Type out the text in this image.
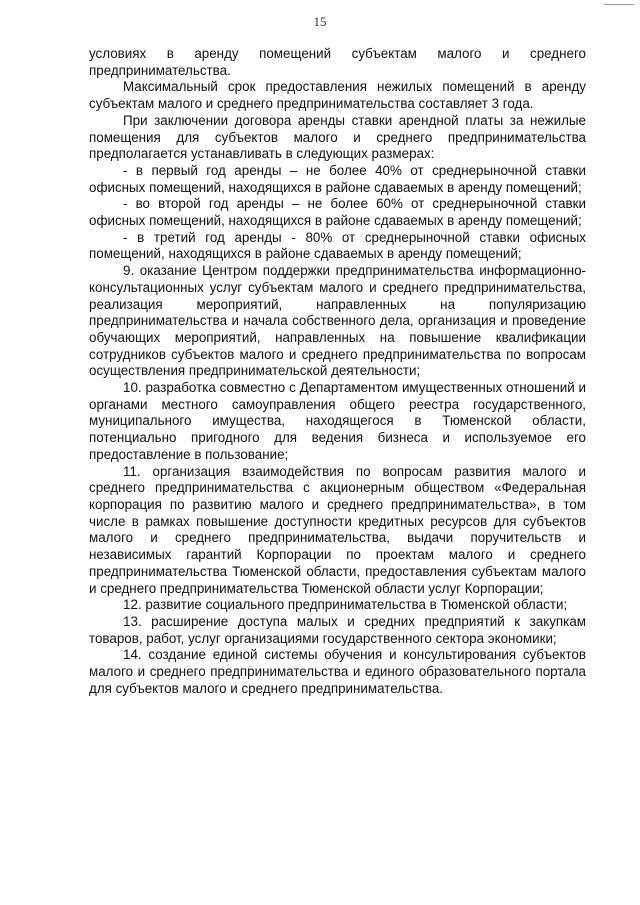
15

условиях в аренду помещений субъектам малого и среднего предпринимательства.

Максимальный срок предоставления нежилых помещений в аренду субъектам малого и среднего предпринимательства составляет 3 года.

При заключении договора аренды ставки арендной платы за нежилые помещения для субъектов малого и среднего предпринимательства предполагается устанавливать в следующих размерах:

- в первый год аренды – не более 40% от среднерыночной ставки офисных помещений, находящихся в районе сдаваемых в аренду помещений;

- во второй год аренды – не более 60% от среднерыночной ставки офисных помещений, находящихся в районе сдаваемых в аренду помещений;

- в третий год аренды - 80% от среднерыночной ставки офисных помещений, находящихся в районе сдаваемых в аренду помещений;

9. оказание Центром поддержки предпринимательства информационно-консультационных услуг субъектам малого и среднего предпринимательства, реализация мероприятий, направленных на популяризацию предпринимательства и начала собственного дела, организация и проведение обучающих мероприятий, направленных на повышение квалификации сотрудников субъектов малого и среднего предпринимательства по вопросам осуществления предпринимательской деятельности;

10. разработка совместно с Департаментом имущественных отношений и органами местного самоуправления общего реестра государственного, муниципального имущества, находящегося в Тюменской области, потенциально пригодного для ведения бизнеса и используемое его предоставление в пользование;

11. организация взаимодействия по вопросам развития малого и среднего предпринимательства с акционерным обществом «Федеральная корпорация по развитию малого и среднего предпринимательства», в том числе в рамках повышение доступности кредитных ресурсов для субъектов малого и среднего предпринимательства, выдачи поручительств и независимых гарантий Корпорации по проектам малого и среднего предпринимательства Тюменской области, предоставления субъектам малого и среднего предпринимательства Тюменской области услуг Корпорации;

12. развитие социального предпринимательства в Тюменской области;

13. расширение доступа малых и средних предприятий к закупкам товаров, работ, услуг организациями государственного сектора экономики;

14. создание единой системы обучения и консультирования субъектов малого и среднего предпринимательства и единого образовательного портала для субъектов малого и среднего предпринимательства.
